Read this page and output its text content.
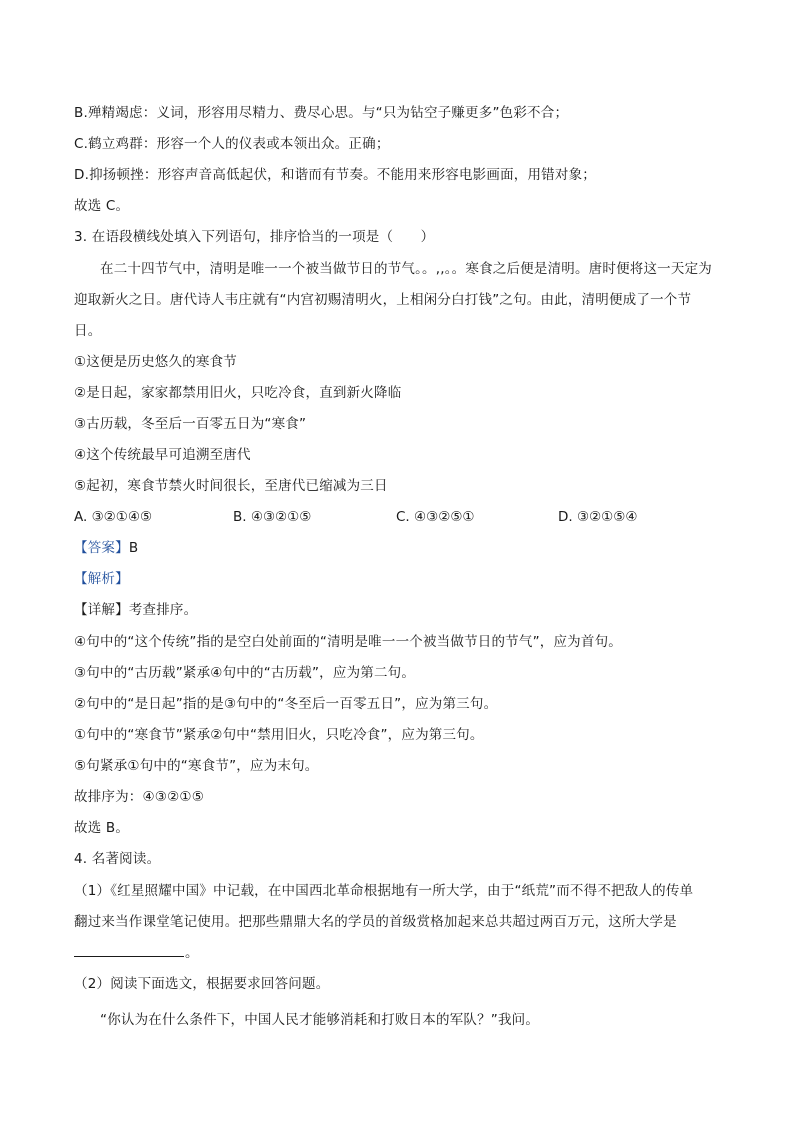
B.殚精竭虑：义词，形容用尽精力、费尽心思。与“只为钻空子赚更多”色彩不合；
C.鹤立鸡群：形容一个人的仪表或本领出众。正确；
D.抑扬顿挫：形容声音高低起伏，和谐而有节奏。不能用来形容电影画面，用错对象；
故选 C。
3. 在语段横线处填入下列语句，排序恰当的一项是（　　）
在二十四节气中，清明是唯一一个被当做节日的节气。。,,。。寒食之后便是清明。唐时便将这一天定为
迎取新火之日。唐代诗人韦庄就有“内宫初赐清明火，上相闲分白打钱”之句。由此，清明便成了一个节
日。
①这便是历史悠久的寒食节
②是日起，家家都禁用旧火，只吃冷食，直到新火降临
③古历载，冬至后一百零五日为“寒食”
④这个传统最早可追溯至唐代
⑤起初，寒食节禁火时间很长，至唐代已缩减为三日
A. ③②①④⑤	B. ④③②①⑤	C. ④③②⑤①	D. ③②①⑤④
【答案】B
【解析】
【详解】考查排序。
④句中的“这个传统”指的是空白处前面的“清明是唯一一个被当做节日的节气”，应为首句。
③句中的“古历载”紧承④句中的“古历载”，应为第二句。
②句中的“是日起”指的是③句中的“冬至后一百零五日”，应为第三句。
①句中的“寒食节”紧承②句中“禁用旧火，只吃冷食”，应为第三句。
⑤句紧承①句中的“寒食节”，应为末句。
故排序为：④③②①⑤
故选 B。
4. 名著阅读。
（1）《红星照耀中国》中记载，在中国西北革命根据地有一所大学，由于“纸荒”而不得不把敌人的传单
翻过来当作课堂笔记使用。把那些鼎鼎大名的学员的首级赏格加起来总共超过两百万元，这所大学是
。
（2）阅读下面选文，根据要求回答问题。
“你认为在什么条件下，中国人民才能够消耗和打败日本的军队？”我问。
